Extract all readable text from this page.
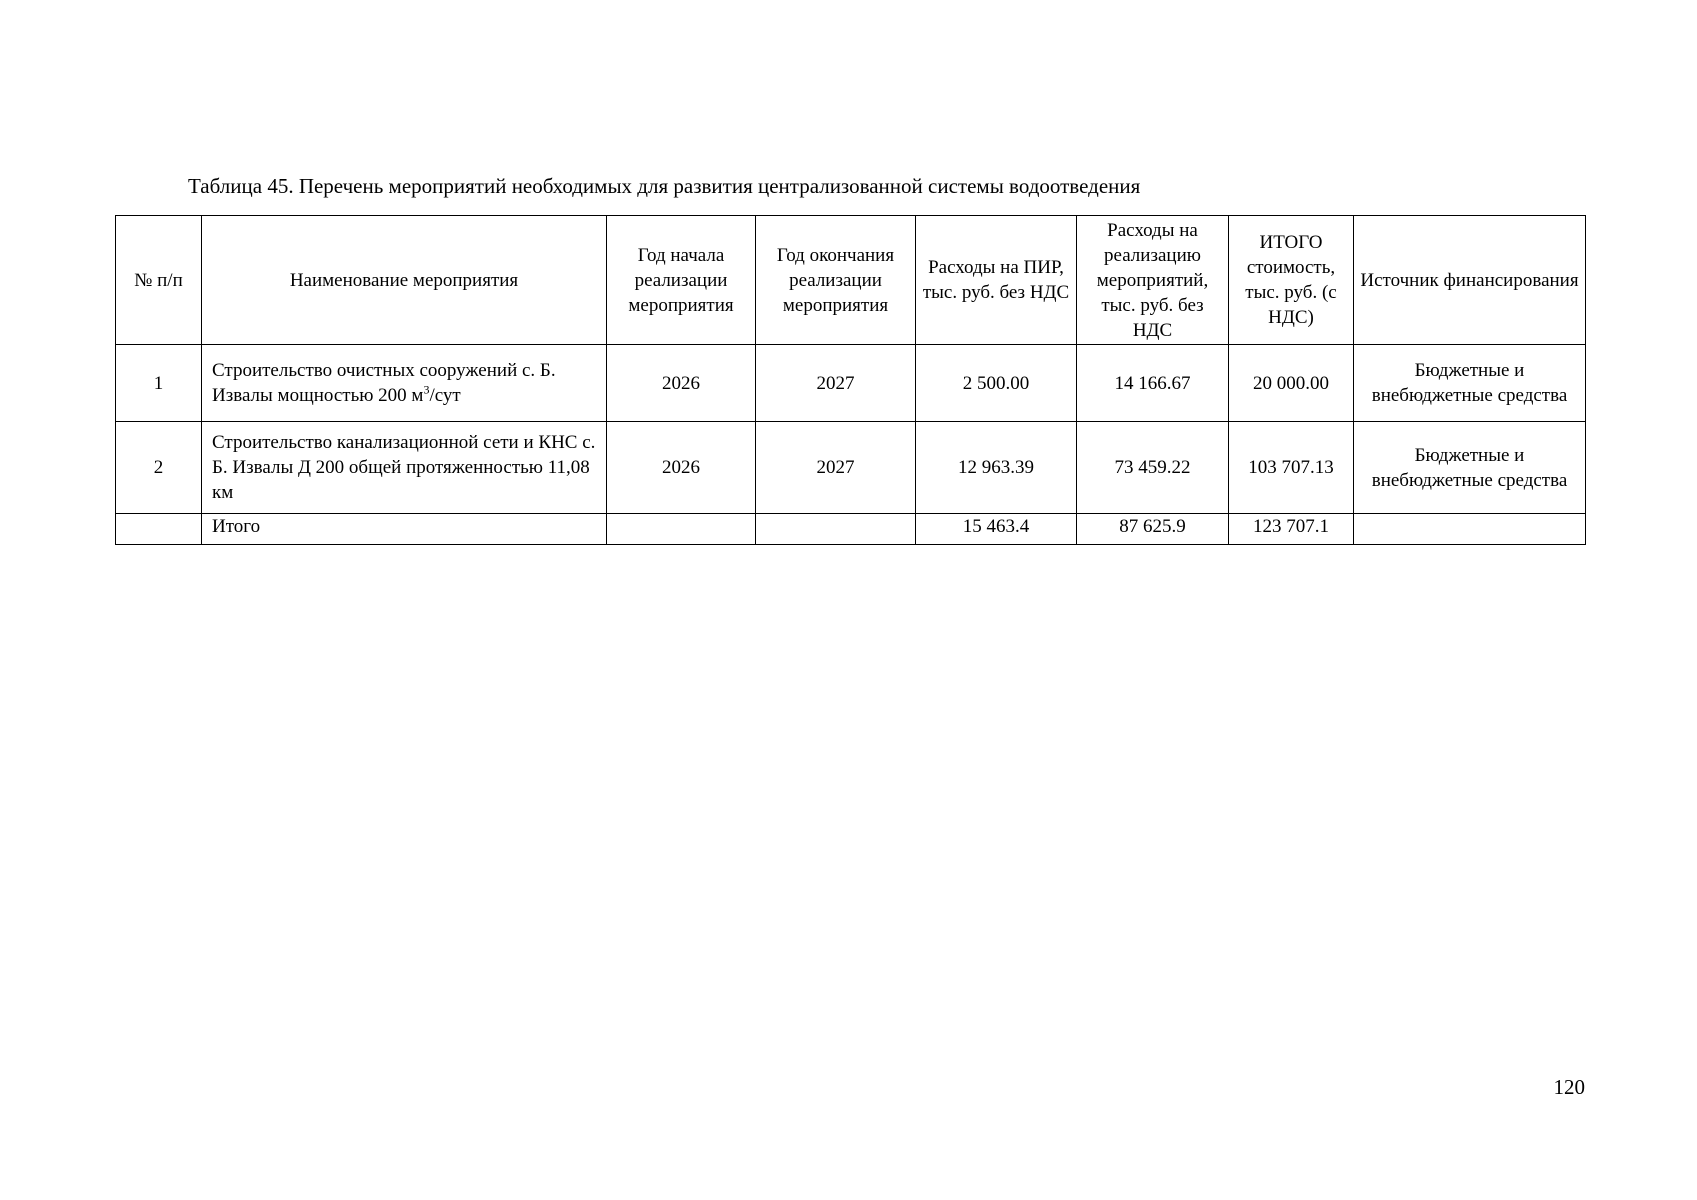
Таблица 45. Перечень мероприятий необходимых для развития централизованной системы водоотведения
№ п/п	Наименование мероприятия	Год начала реализации мероприятия	Год окончания реализации мероприятия	Расходы на ПИР, тыс. руб. без НДС	Расходы на реализацию мероприятий, тыс. руб. без НДС	ИТОГО стоимость, тыс. руб. (с НДС)	Источник финансирования
1	Строительство очистных сооружений с. Б. Извалы мощностью 200 $м^3$/сут	2026	2027	2 500.00	14 166.67	20 000.00	Бюджетные и внебюджетные средства
2	Строительство канализационной сети и КНС с. Б. Извалы Д 200 общей протяженностью 11,08 км	2026	2027	12 963.39	73 459.22	103 707.13	Бюджетные и внебюджетные средства
	Итого			15 463.4	87 625.9	123 707.1	
120
